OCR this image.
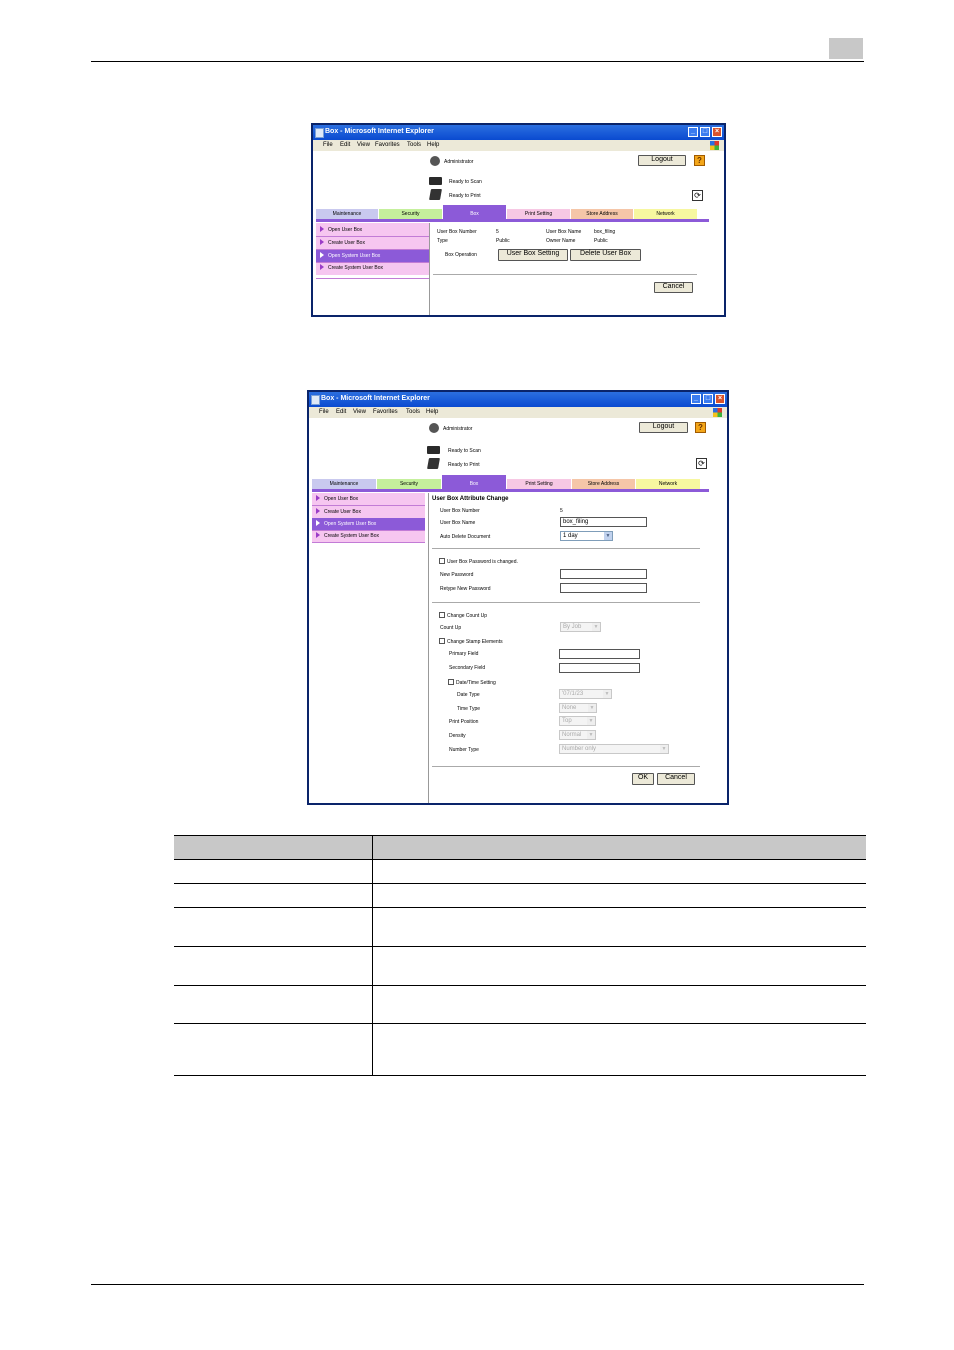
Box - Microsoft Internet Explorer	_	□	×
File Edit View Favorites Tools Help
Administrator	Logout	?
Ready to Scan
Ready to Print	⟳
Maintenance	Security	Box	Print Setting	Store Address	Network
Open User Box
Create User Box
Open System User Box
Create System User Box
User Box Number	5	User Box Name	box_filing
Type	Public	Owner Name	Public
Box Operation	User Box Setting	Delete User Box
Cancel
Box - Microsoft Internet Explorer	_	□	×
File Edit View Favorites Tools Help
Administrator	Logout	?
Ready to Scan
Ready to Print	⟳
Maintenance	Security	Box	Print Setting	Store Address	Network
Open User Box
Create User Box
Open System User Box
Create System User Box
User Box Attribute Change
User Box Number	5
User Box Name	box_filing
Auto Delete Document	1 day ▼
User Box Password is changed.
New Password
Retype New Password
Change Count Up
Count Up	By Job ▼
Change Stamp Elements
Primary Field
Secondary Field
Date/Time Setting
Date Type	'07/1/23 ▼
Time Type	None ▼
Print Position	Top ▼
Density	Normal ▼
Number Type	Number only ▼
OK	Cancel
